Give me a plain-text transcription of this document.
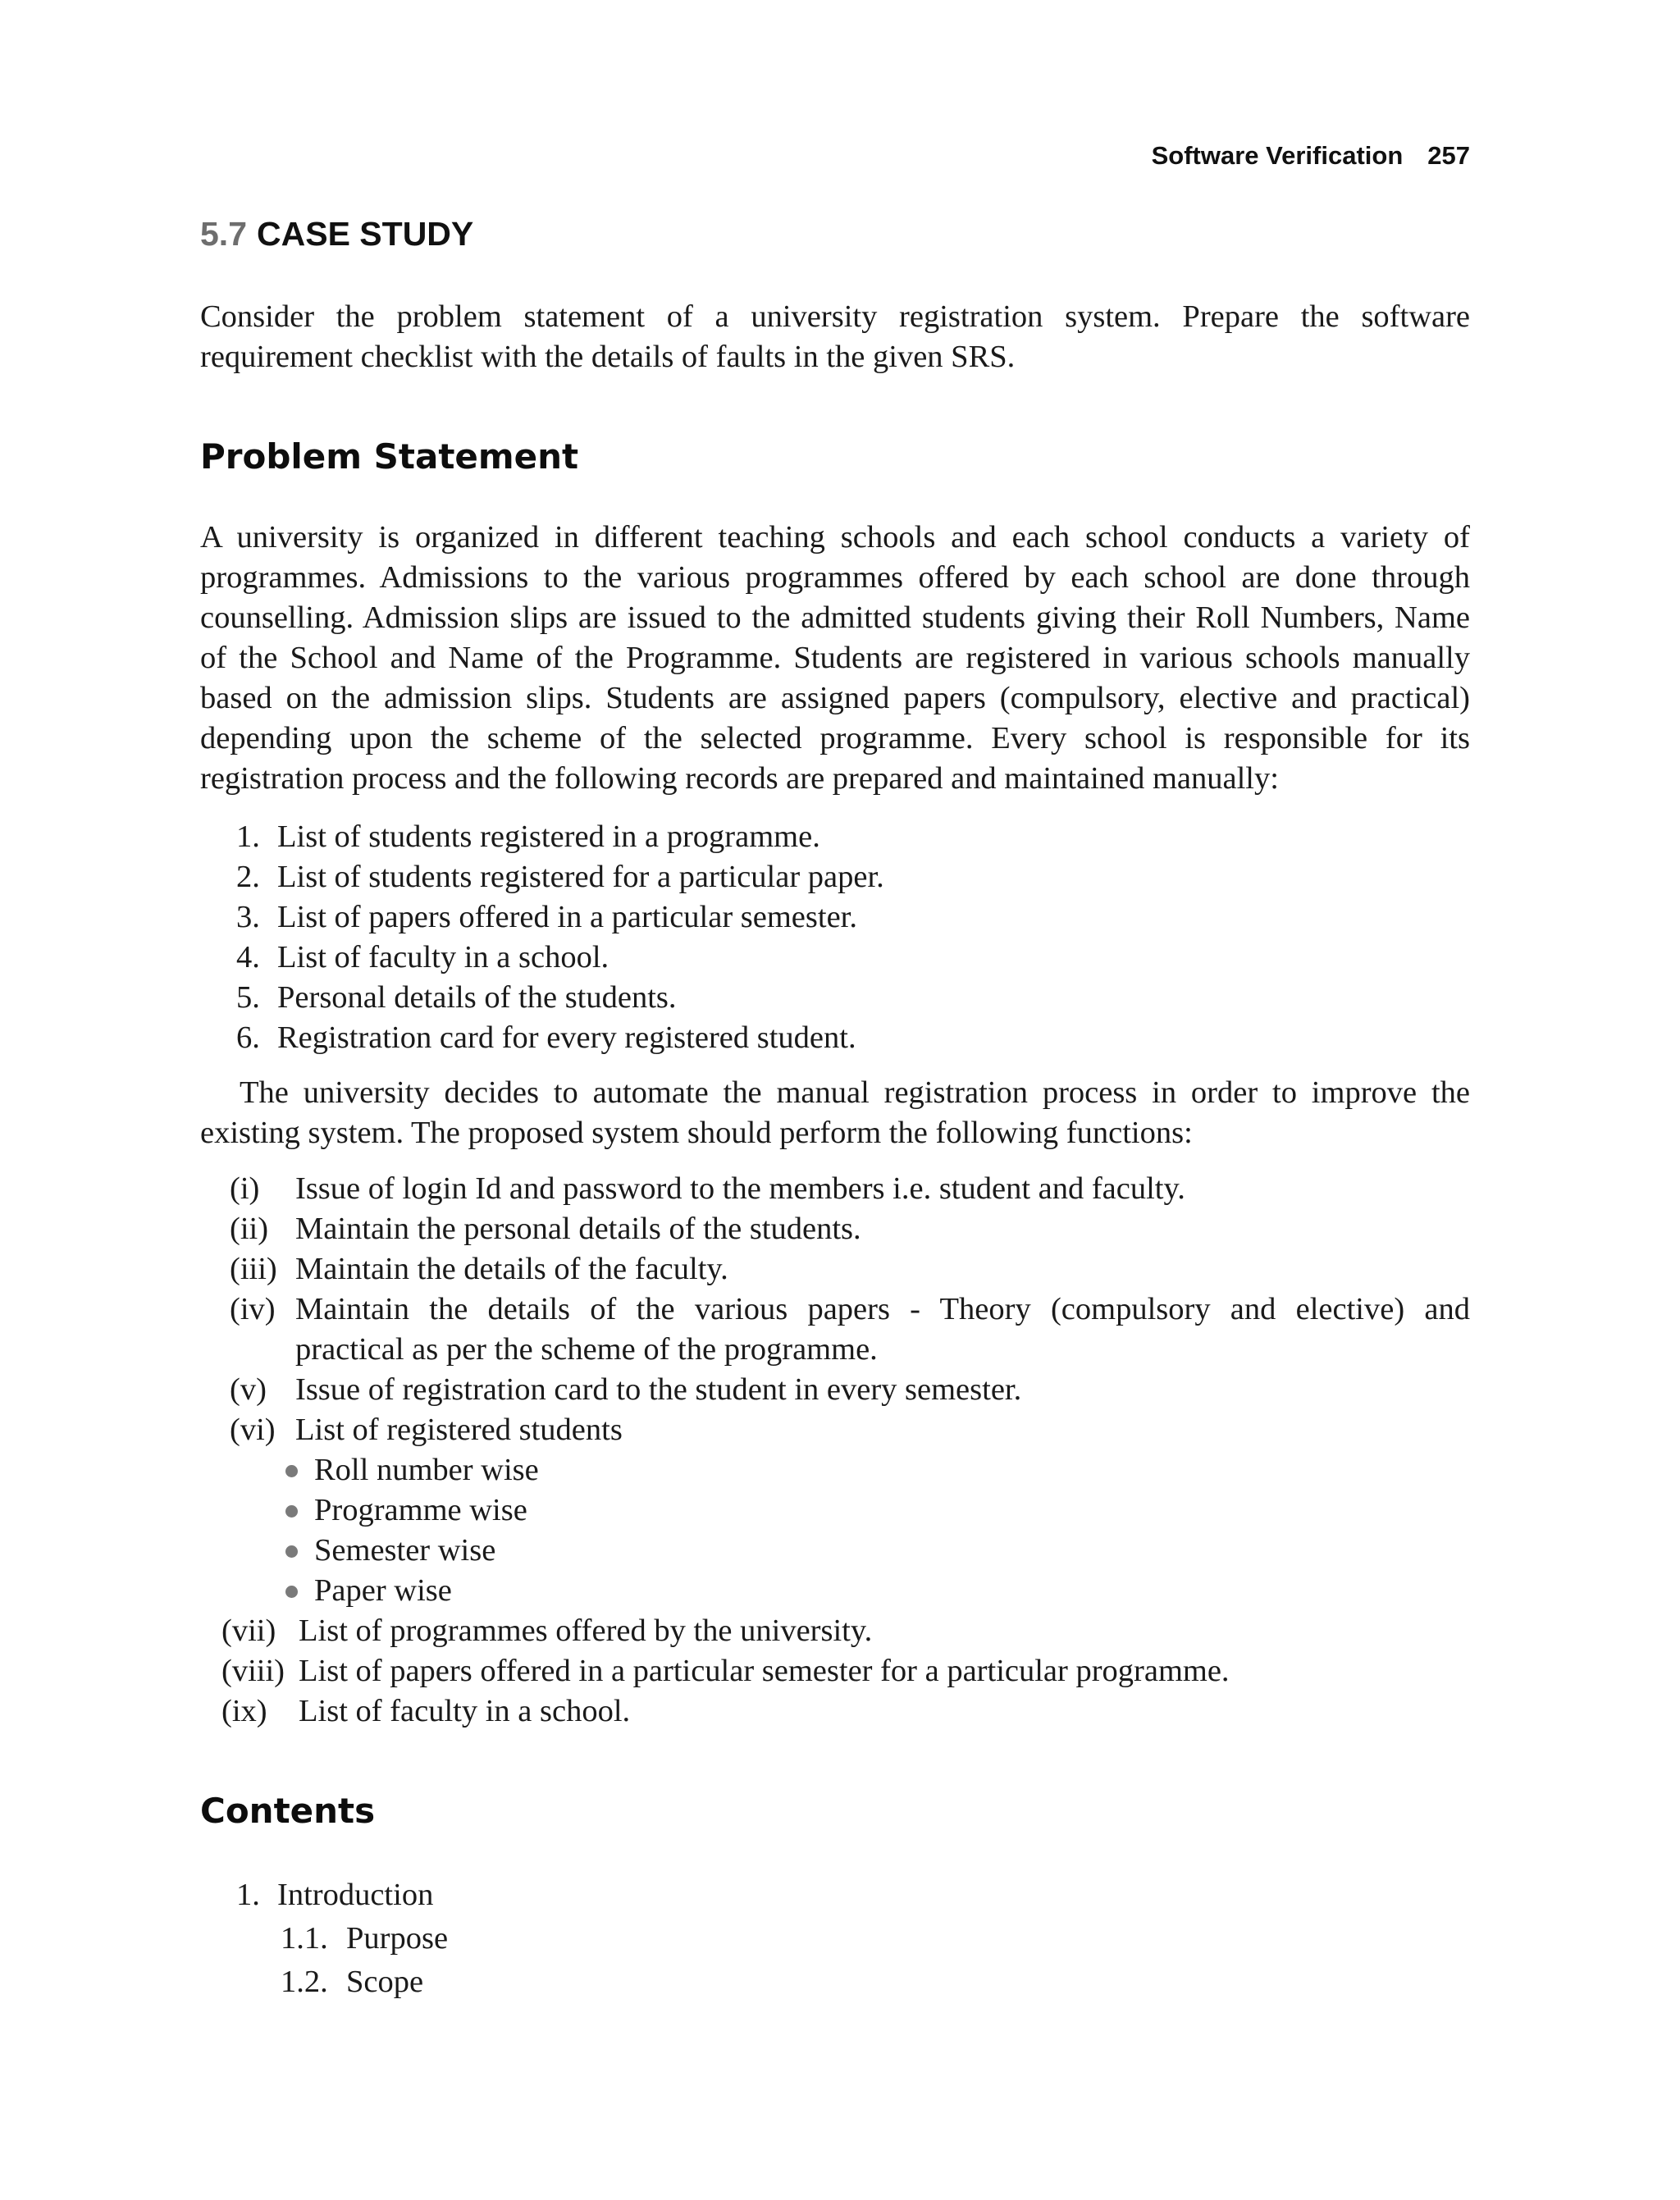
Software Verification 257
5.7 CASE STUDY
Consider the problem statement of a university registration system. Prepare the software requirement checklist with the details of faults in the given SRS.
Problem Statement
A university is organized in different teaching schools and each school conducts a variety of programmes. Admissions to the various programmes offered by each school are done through counselling. Admission slips are issued to the admitted students giving their Roll Numbers, Name of the School and Name of the Programme. Students are registered in various schools manually based on the admission slips. Students are assigned papers (compulsory, elective and practical) depending upon the scheme of the selected programme. Every school is responsible for its registration process and the following records are prepared and maintained manually:
1. List of students registered in a programme.
2. List of students registered for a particular paper.
3. List of papers offered in a particular semester.
4. List of faculty in a school.
5. Personal details of the students.
6. Registration card for every registered student.
The university decides to automate the manual registration process in order to improve the existing system. The proposed system should perform the following functions:
(i) Issue of login Id and password to the members i.e. student and faculty.
(ii) Maintain the personal details of the students.
(iii) Maintain the details of the faculty.
(iv) Maintain the details of the various papers - Theory (compulsory and elective) and
practical as per the scheme of the programme.
(v) Issue of registration card to the student in every semester.
(vi) List of registered students
Roll number wise
Programme wise
Semester wise
Paper wise
(vii) List of programmes offered by the university.
(viii) List of papers offered in a particular semester for a particular programme.
(ix) List of faculty in a school.
Contents
1. Introduction
1.1. Purpose
1.2. Scope
